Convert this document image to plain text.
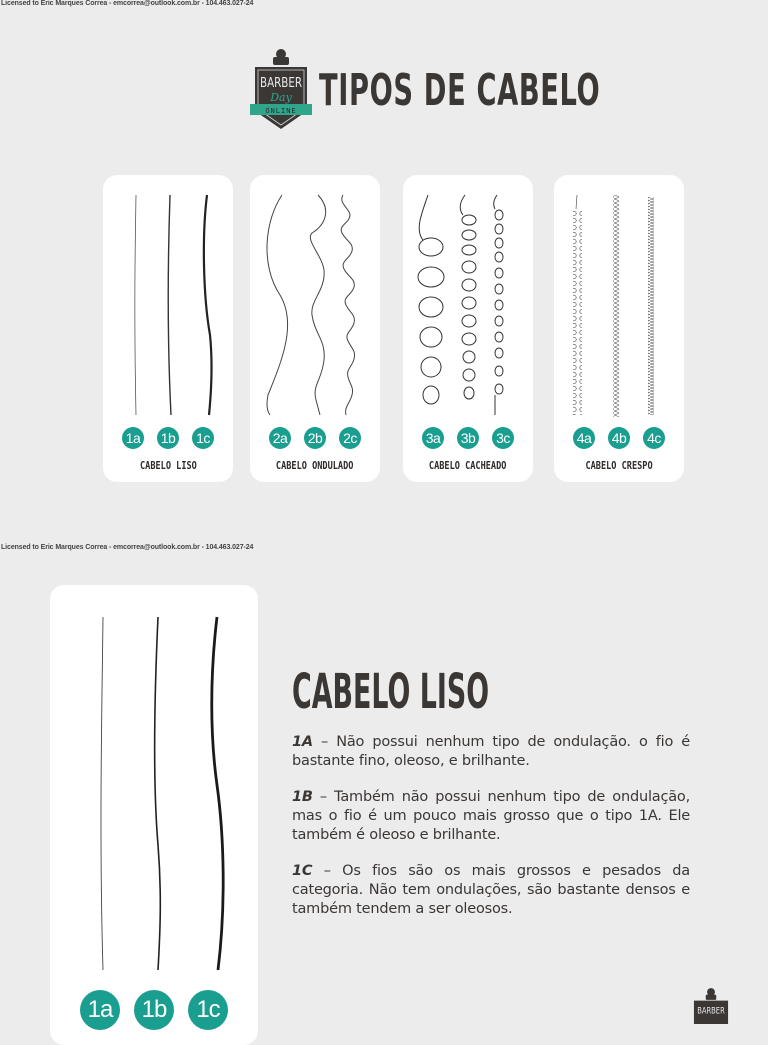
Licensed to Eric Marques Correa - emcorrea@outlook.com.br - 104.463.027-24
BARBER
Day
ONLINE TIPOS DE CABELO
1a 1b 1c
CABELO LISO
2a 2b 2c
CABELO ONDULADO
3a 3b 3c
CABELO CACHEADO
4a 4b 4c
CABELO CRESPO
Licensed to Eric Marques Correa - emcorrea@outlook.com.br - 104.463.027-24
1a	1b	1c
CABELO LISO
1A – Não possui nenhum tipo de ondulação. o fio é bastante fino, oleoso, e brilhante.
1B – Também não possui nenhum tipo de ondulação, mas o fio é um pouco mais grosso que o tipo 1A. Ele também é oleoso e brilhante.
1C – Os fios são os mais grossos e pesados da categoria. Não tem ondulações, são bastante densos e também tendem a ser oleosos.
BARBER
